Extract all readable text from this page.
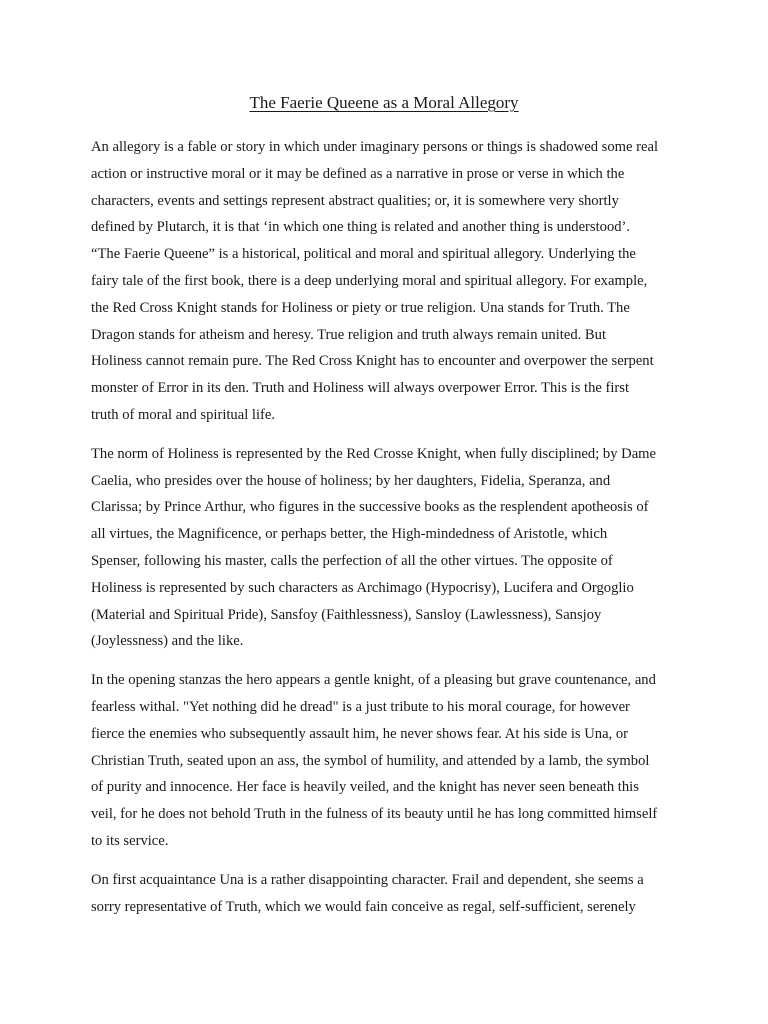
The Faerie Queene as a Moral Allegory

An allegory is a fable or story in which under imaginary persons or things is shadowed some real
action or instructive moral or it may be defined as a narrative in prose or verse in which the
characters, events and settings represent abstract qualities; or, it is somewhere very shortly
defined by Plutarch, it is that ‘in which one thing is related and another thing is understood’.
“The Faerie Queene” is a historical, political and moral and spiritual allegory. Underlying the
fairy tale of the first book, there is a deep underlying moral and spiritual allegory. For example,
the Red Cross Knight stands for Holiness or piety or true religion. Una stands for Truth. The
Dragon stands for atheism and heresy. True religion and truth always remain united. But
Holiness cannot remain pure. The Red Cross Knight has to encounter and overpower the serpent
monster of Error in its den. Truth and Holiness will always overpower Error. This is the first
truth of moral and spiritual life.

The norm of Holiness is represented by the Red Crosse Knight, when fully disciplined; by Dame
Caelia, who presides over the house of holiness; by her daughters, Fidelia, Speranza, and
Clarissa; by Prince Arthur, who figures in the successive books as the resplendent apotheosis of
all virtues, the Magnificence, or perhaps better, the High-mindedness of Aristotle, which
Spenser, following his master, calls the perfection of all the other virtues. The opposite of
Holiness is represented by such characters as Archimago (Hypocrisy), Lucifera and Orgoglio
(Material and Spiritual Pride), Sansfoy (Faithlessness), Sansloy (Lawlessness), Sansjoy
(Joylessness) and the like.

In the opening stanzas the hero appears a gentle knight, of a pleasing but grave countenance, and
fearless withal. "Yet nothing did he dread" is a just tribute to his moral courage, for however
fierce the enemies who subsequently assault him, he never shows fear. At his side is Una, or
Christian Truth, seated upon an ass, the symbol of humility, and attended by a lamb, the symbol
of purity and innocence. Her face is heavily veiled, and the knight has never seen beneath this
veil, for he does not behold Truth in the fulness of its beauty until he has long committed himself
to its service.

On first acquaintance Una is a rather disappointing character. Frail and dependent, she seems a
sorry representative of Truth, which we would fain conceive as regal, self-sufficient, serenely
